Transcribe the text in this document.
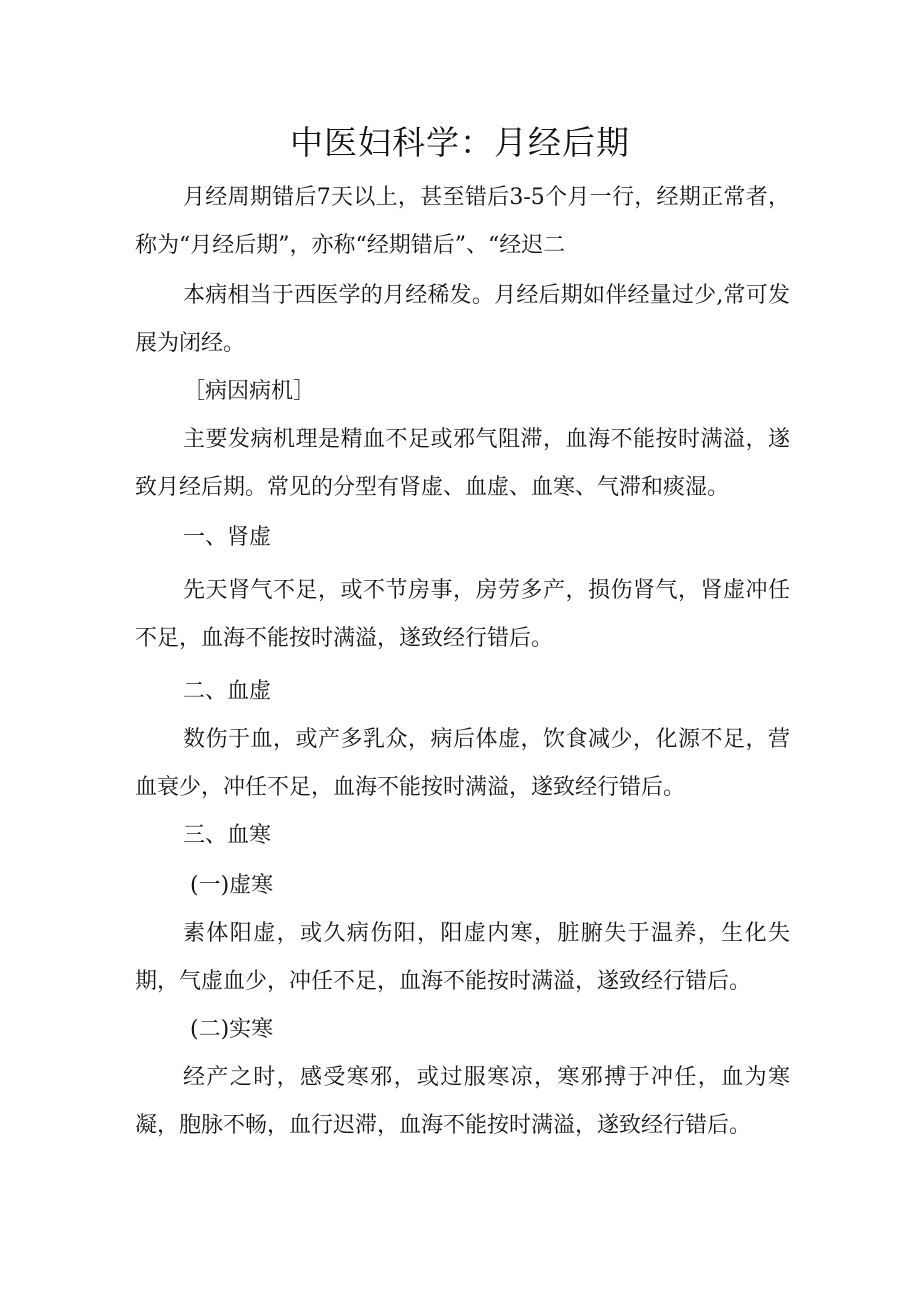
中医妇科学：月经后期

月经周期错后7天以上，甚至错后3-5个月一行，经期正常者，称为“月经后期”，亦称“经期错后”、“经迟二

本病相当于西医学的月经稀发。月经后期如伴经量过少,常可发展为闭经。

［病因病机］

主要发病机理是精血不足或邪气阻滞，血海不能按时满溢，遂致月经后期。常见的分型有肾虚、血虚、血寒、气滞和痰湿。

一、肾虚

先天肾气不足，或不节房事，房劳多产，损伤肾气，肾虚冲任不足，血海不能按时满溢，遂致经行错后。

二、血虚

数伤于血，或产多乳众，病后体虚，饮食减少，化源不足，营血衰少，冲任不足，血海不能按时满溢，遂致经行错后。

三、血寒

(一)虚寒

素体阳虚，或久病伤阳，阳虚内寒，脏腑失于温养，生化失期，气虚血少，冲任不足，血海不能按时满溢，遂致经行错后。

(二)实寒

经产之时，感受寒邪，或过服寒凉，寒邪搏于冲任，血为寒凝，胞脉不畅，血行迟滞，血海不能按时满溢，遂致经行错后。
